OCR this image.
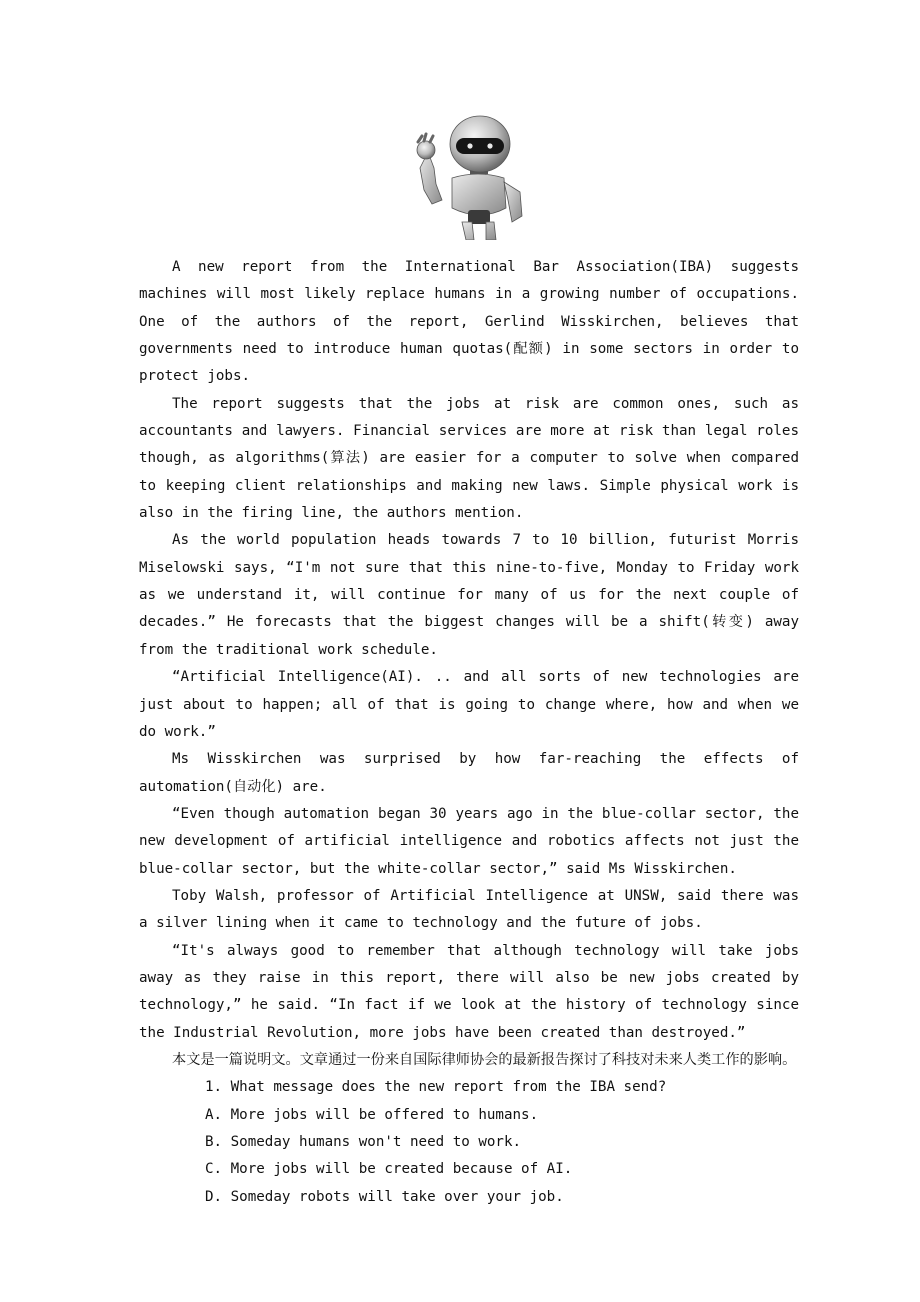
A new report from the International Bar Association(IBA) suggests machines will most likely replace humans in a growing number of occupations. One of the authors of the report, Gerlind Wisskirchen, believes that governments need to introduce human quotas(配额) in some sectors in order to protect jobs.

The report suggests that the jobs at risk are common ones, such as accountants and lawyers. Financial services are more at risk than legal roles though, as algorithms(算法) are easier for a computer to solve when compared to keeping client relationships and making new laws. Simple physical work is also in the firing line, the authors mention.

As the world population heads towards 7 to 10 billion, futurist Morris Miselowski says, “I'm not sure that this nine-to-five, Monday to Friday work as we understand it, will continue for many of us for the next couple of decades.” He forecasts that the biggest changes will be a shift(转变) away from the traditional work schedule.

“Artificial Intelligence(AI). .. and all sorts of new technologies are just about to happen; all of that is going to change where, how and when we do work.”

Ms Wisskirchen was surprised by how far-reaching the effects of automation(自动化) are.

“Even though automation began 30 years ago in the blue-collar sector, the new development of artificial intelligence and robotics affects not just the blue-collar sector, but the white-collar sector,” said Ms Wisskirchen.

Toby Walsh, professor of Artificial Intelligence at UNSW, said there was a silver lining when it came to technology and the future of jobs.

“It's always good to remember that although technology will take jobs away as they raise in this report, there will also be new jobs created by technology,” he said. “In fact if we look at the history of technology since the Industrial Revolution, more jobs have been created than destroyed.”

本文是一篇说明文。文章通过一份来自国际律师协会的最新报告探讨了科技对未来人类工作的影响。

1. What message does the new report from the IBA send?

A. More jobs will be offered to humans.

B. Someday humans won't need to work.

C. More jobs will be created because of AI.

D. Someday robots will take over your job.
